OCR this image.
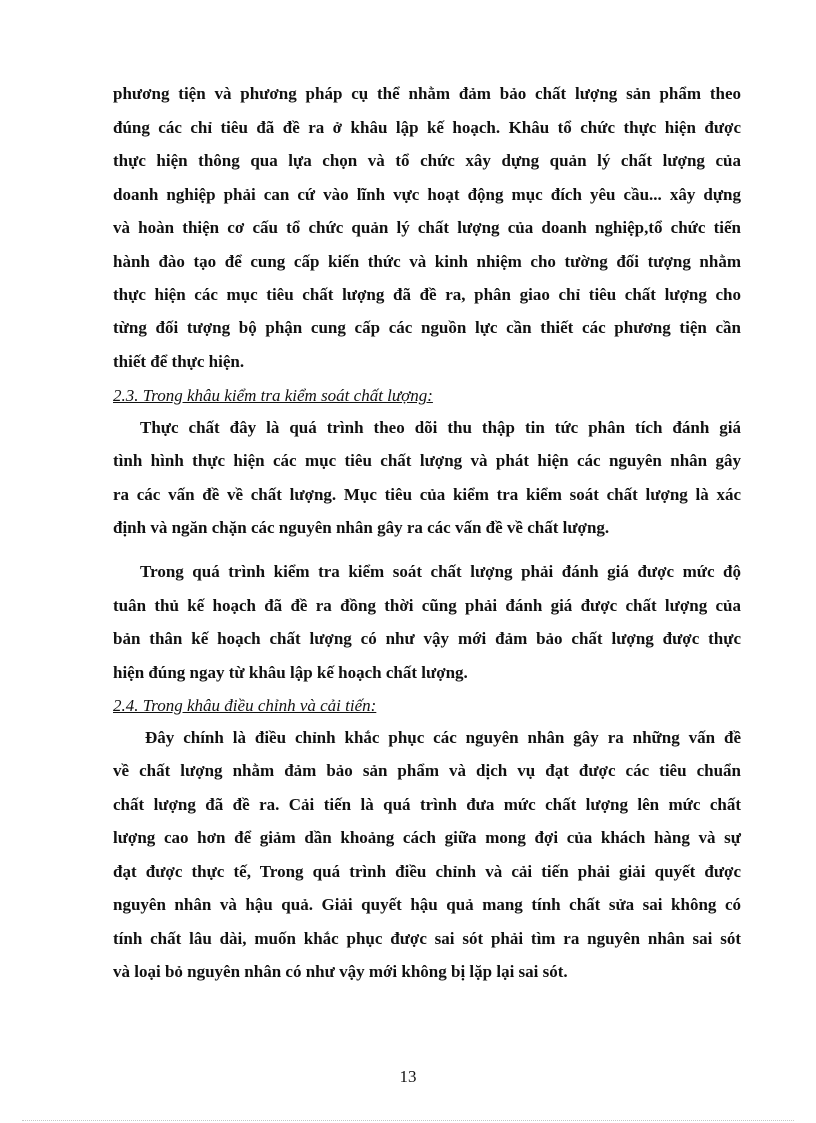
phương tiện và phương pháp cụ thể nhằm đảm bảo chất lượng sản phẩm theo
đúng các chỉ tiêu đã đề ra ở khâu lập kế hoạch. Khâu tổ chức thực hiện được
thực hiện thông qua lựa chọn và tổ chức xây dựng quản lý chất lượng của
doanh nghiệp phải can cứ vào lĩnh vực hoạt động mục đích yêu cầu... xây dựng
và hoàn thiện cơ cấu tổ chức quản lý chất lượng của doanh nghiệp,tổ chức tiến
hành đào tạo để cung cấp kiến thức và kinh nhiệm cho tường đối tượng nhằm
thực hiện các mục tiêu chất lượng đã đề ra, phân giao chỉ tiêu chất lượng cho
từng đối tượng bộ phận cung cấp các nguồn lực cần thiết các phương tiện cần
thiết để thực hiện.
2.3. Trong khâu kiểm tra kiểm soát chất lượng:
Thực chất đây là quá trình theo dõi thu thập tin tức phân tích đánh giá
tình hình thực hiện các mục tiêu chất lượng và phát hiện các nguyên nhân gây
ra các vấn đề về chất lượng. Mục tiêu của kiểm tra kiểm soát chất lượng là xác
định và ngăn chặn các nguyên nhân gây ra các vấn đề về chất lượng.
Trong quá trình kiểm tra kiểm soát chất lượng phải đánh giá được mức độ
tuân thủ kế hoạch đã đề ra đồng thời cũng phải đánh giá được chất lượng của
bản thân kế hoạch chất lượng có như vậy mới đảm bảo chất lượng được thực
hiện đúng ngay từ khâu lập kế hoạch chất lượng.
2.4. Trong khâu điều chỉnh và cải tiến:
Đây chính là điều chỉnh khắc phục các nguyên nhân gây ra những vấn đề
về chất lượng nhằm đảm bảo sản phẩm và dịch vụ đạt được các tiêu chuẩn
chất lượng đã đề ra. Cải tiến là quá trình đưa mức chất lượng lên mức chất
lượng cao hơn để giảm dần khoảng cách giữa mong đợi của khách hàng và sự
đạt được thực tế, Trong quá trình điều chỉnh và cải tiến phải giải quyết được
nguyên nhân và hậu quả. Giải quyết hậu quả mang tính chất sửa sai không có
tính chất lâu dài, muốn khắc phục được sai sót phải tìm ra nguyên nhân sai sót
và loại bỏ nguyên nhân có như vậy mới không bị lặp lại sai sót.
13
